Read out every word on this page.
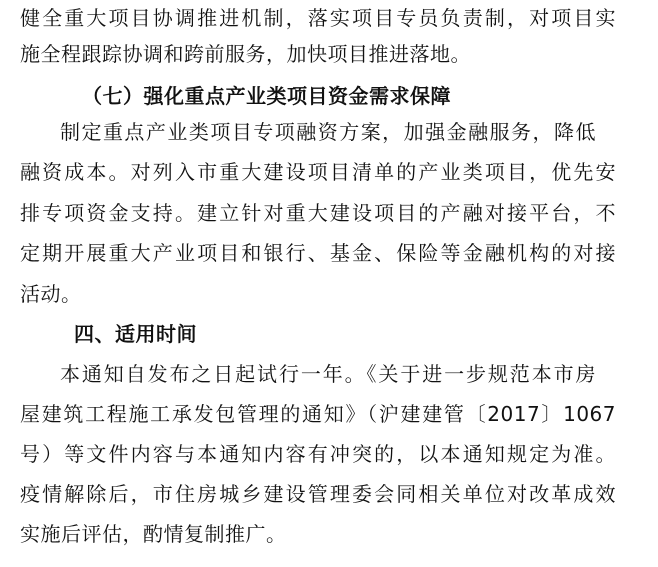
健全重大项目协调推进机制，落实项目专员负责制，对项目实
施全程跟踪协调和跨前服务，加快项目推进落地。
（七）强化重点产业类项目资金需求保障
制定重点产业类项目专项融资方案，加强金融服务，降低
融资成本。对列入市重大建设项目清单的产业类项目，优先安
排专项资金支持。建立针对重大建设项目的产融对接平台，不
定期开展重大产业项目和银行、基金、保险等金融机构的对接
活动。
四、适用时间
本通知自发布之日起试行一年。《关于进一步规范本市房
屋建筑工程施工承发包管理的通知》（沪建建管〔2017〕1067
号）等文件内容与本通知内容有冲突的，以本通知规定为准。
疫情解除后，市住房城乡建设管理委会同相关单位对改革成效
实施后评估，酌情复制推广。
